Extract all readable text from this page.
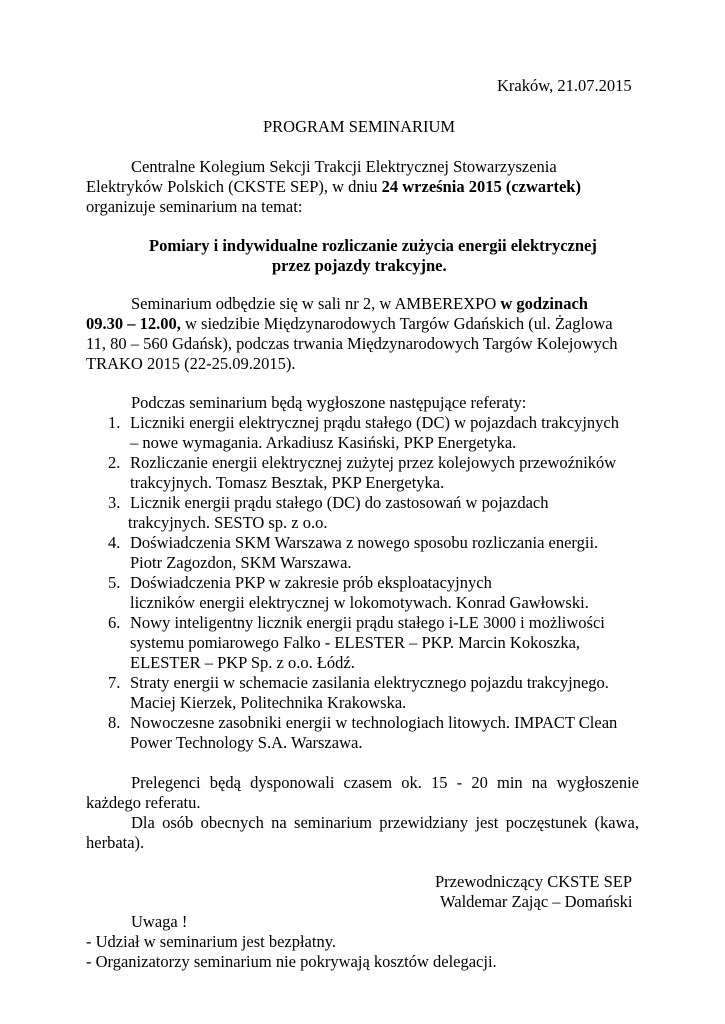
Kraków, 21.07.2015
PROGRAM SEMINARIUM
Centralne Kolegium Sekcji Trakcji Elektrycznej Stowarzyszenia
Elektryków Polskich (CKSTE SEP), w dniu 24 września 2015 (czwartek)
organizuje seminarium na temat:
Pomiary i indywidualne rozliczanie zużycia energii elektrycznej
przez pojazdy trakcyjne.
Seminarium odbędzie się w sali nr 2, w AMBEREXPO w godzinach
09.30 – 12.00, w siedzibie Międzynarodowych Targów Gdańskich (ul. Żaglowa
11, 80 – 560 Gdańsk), podczas trwania Międzynarodowych Targów Kolejowych
TRAKO 2015 (22-25.09.2015).
Podczas seminarium będą wygłoszone następujące referaty:
1. Liczniki energii elektrycznej prądu stałego (DC) w pojazdach trakcyjnych
– nowe wymagania. Arkadiusz Kasiński, PKP Energetyka.
2. Rozliczanie energii elektrycznej zużytej przez kolejowych przewoźników
trakcyjnych. Tomasz Besztak, PKP Energetyka.
3. Licznik energii prądu stałego (DC) do zastosowań w pojazdach
trakcyjnych. SESTO sp. z o.o.
4. Doświadczenia SKM Warszawa z nowego sposobu rozliczania energii.
Piotr Zagozdon, SKM Warszawa.
5. Doświadczenia PKP w zakresie prób eksploatacyjnych
liczników energii elektrycznej w lokomotywach. Konrad Gawłowski.
6. Nowy inteligentny licznik energii prądu stałego i-LE 3000 i możliwości
systemu pomiarowego Falko - ELESTER – PKP. Marcin Kokoszka,
ELESTER – PKP Sp. z o.o. Łódź.
7. Straty energii w schemacie zasilania elektrycznego pojazdu trakcyjnego.
Maciej Kierzek, Politechnika Krakowska.
8. Nowoczesne zasobniki energii w technologiach litowych. IMPACT Clean
Power Technology S.A. Warszawa.
Prelegenci będą dysponowali czasem ok. 15 - 20 min na wygłoszenie
każdego referatu.
Dla osób obecnych na seminarium przewidziany jest poczęstunek (kawa,
herbata).
Przewodniczący CKSTE SEP
Waldemar Zając – Domański
Uwaga !
- Udział w seminarium jest bezpłatny.
- Organizatorzy seminarium nie pokrywają kosztów delegacji.
